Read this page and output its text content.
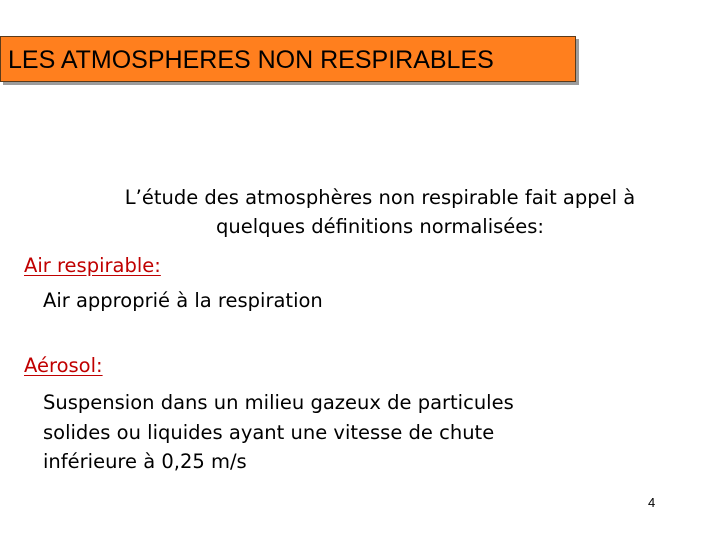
LES ATMOSPHERES NON RESPIRABLES
L’étude des atmosphères non respirable fait appel à
quelques définitions normalisées:
Air respirable:
Air approprié à la respiration
Aérosol:
Suspension dans un milieu gazeux de particules
solides ou liquides ayant une vitesse de chute
inférieure à 0,25 m/s
4
